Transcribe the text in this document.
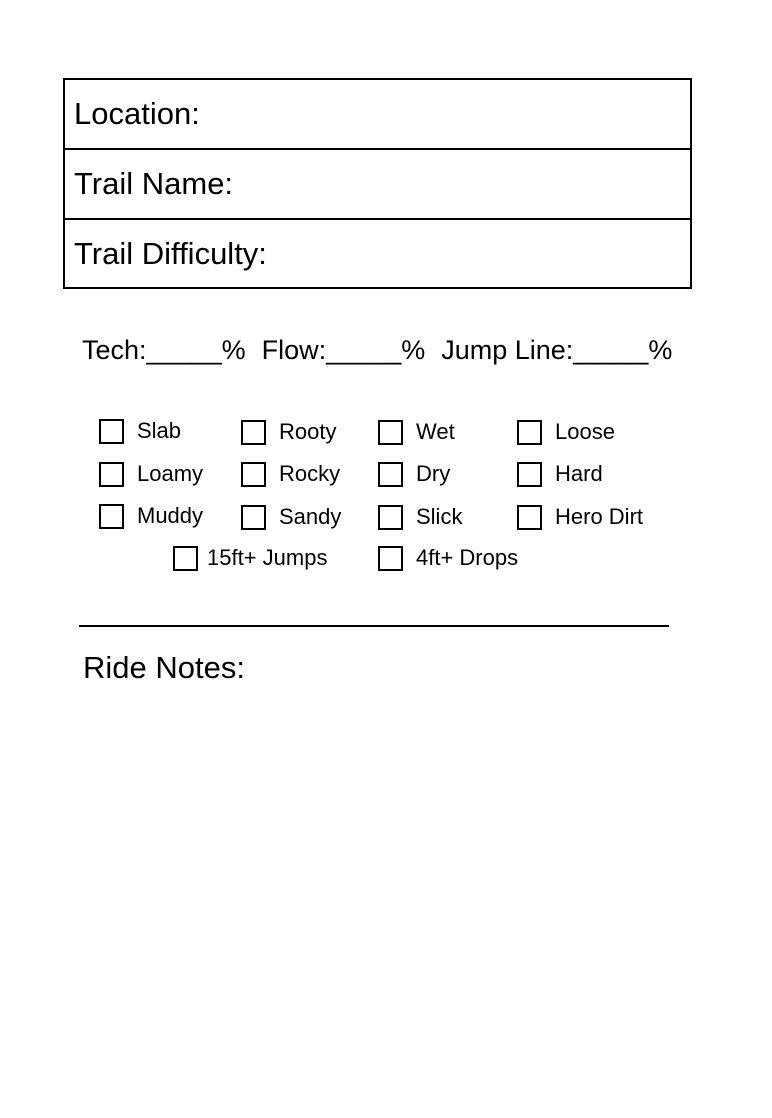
Location:
Trail Name:
Trail Difficulty:
Tech:_____% Flow:_____% Jump Line:_____%
Slab	Rooty	Wet	Loose
Loamy	Rocky	Dry	Hard
Muddy	Sandy	Slick	Hero Dirt
15ft+ Jumps	4ft+ Drops
Ride Notes:
